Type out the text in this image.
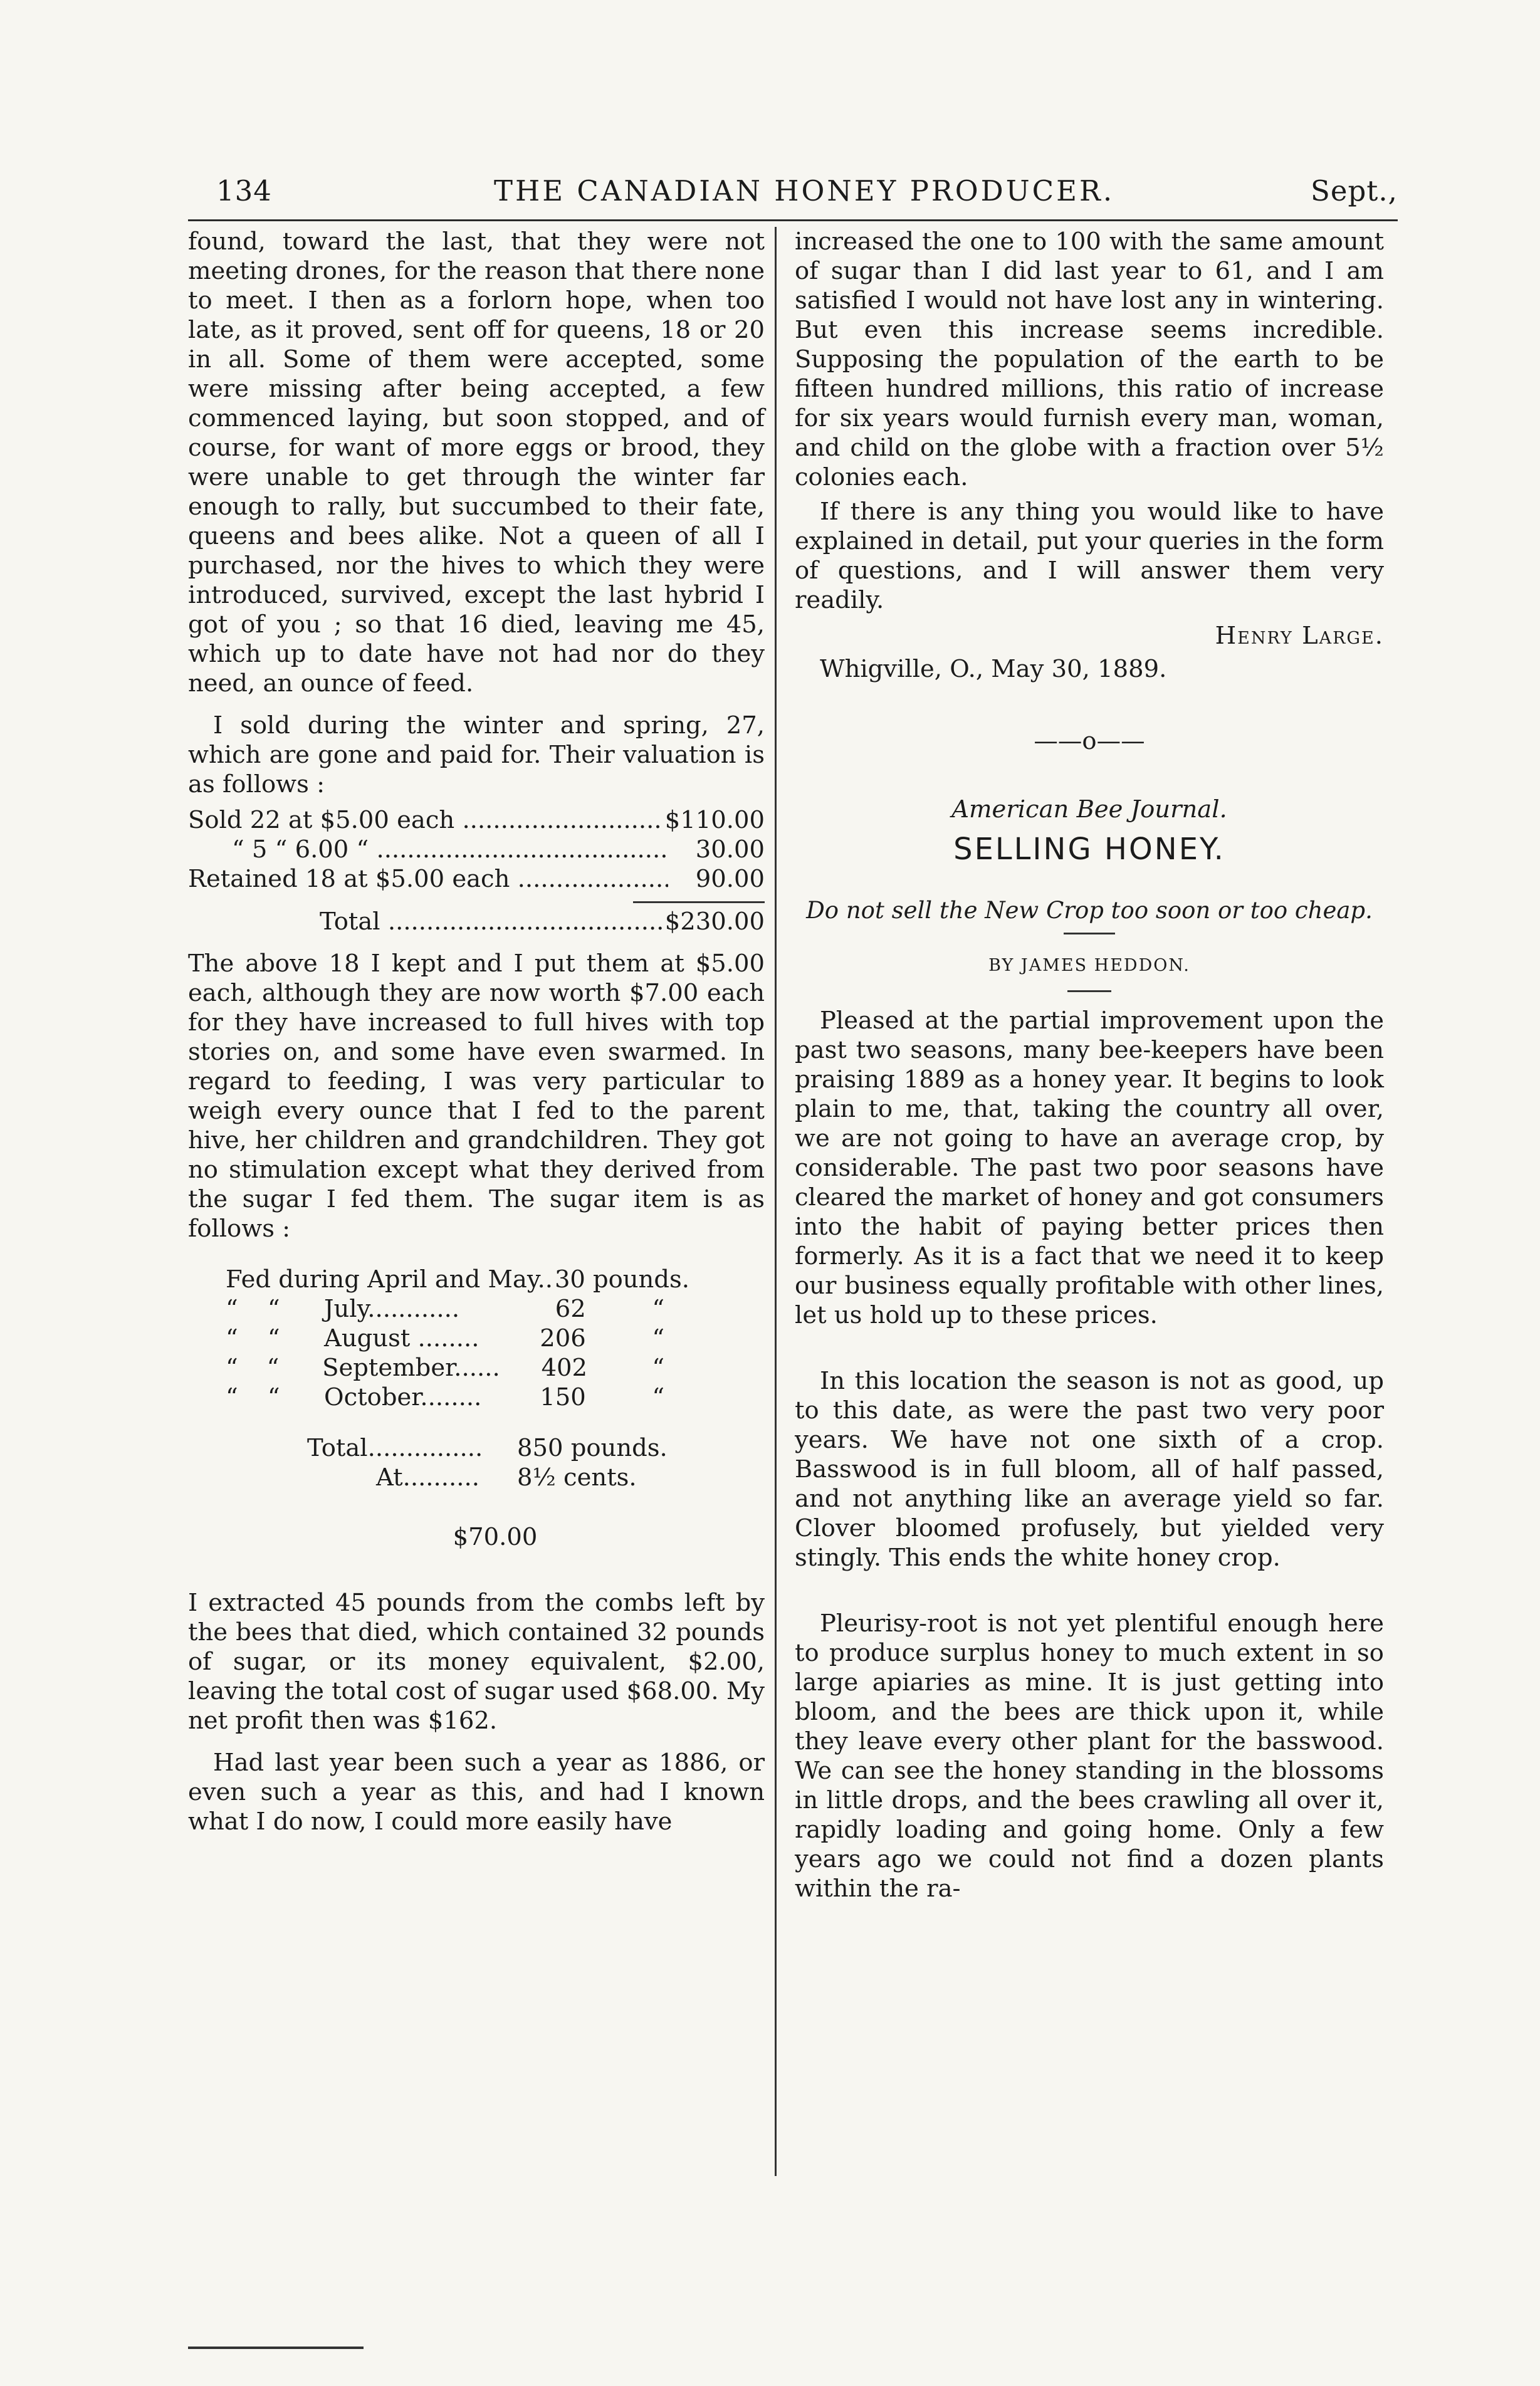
134	THE CANADIAN HONEY PRODUCER.	Sept.,

found, toward the last, that they were not meeting drones, for the reason that there none to meet. I then as a forlorn hope, when too late, as it proved, sent off for queens, 18 or 20 in all. Some of them were accepted, some were missing after being accepted, a few commenced laying, but soon stopped, and of course, for want of more eggs or brood, they were unable to get through the winter far enough to rally, but succumbed to their fate, queens and bees alike. Not a queen of all I purchased, nor the hives to which they were introduced, survived, except the last hybrid I got of you ; so that 16 died, leaving me 45, which up to date have not had nor do they need, an ounce of feed.

I sold during the winter and spring, 27, which are gone and paid for. Their valuation is as follows :

Sold 22 at $5.00 each .....	$110.00
“ 5 “ 6.00 “ .....	30.00
Retained 18 at $5.00 each .....	90.00
Total .....	$230.00

The above 18 I kept and I put them at $5.00 each, although they are now worth $7.00 each for they have increased to full hives with top stories on, and some have even swarmed. In regard to feeding, I was very particular to weigh every ounce that I fed to the parent hive, her children and grandchildren. They got no stimulation except what they derived from the sugar I fed them. The sugar item is as follows :

Fed during April and May.. 30 pounds.
“	“	July............	62	“
“	“	August ........	206	“
“	“	September......	402	“
“	“	October........	150	“
Total...............	850 pounds.
At..........	8½ cents.
$70.00

I extracted 45 pounds from the combs left by the bees that died, which contained 32 pounds of sugar, or its money equivalent, $2.00, leaving the total cost of sugar used $68.00. My net profit then was $162.

Had last year been such a year as 1886, or even such a year as this, and had I known what I do now, I could more easily have

increased the one to 100 with the same amount of sugar than I did last year to 61, and I am satisfied I would not have lost any in wintering. But even this increase seems incredible. Supposing the population of the earth to be fifteen hundred millions, this ratio of increase for six years would furnish every man, woman, and child on the globe with a fraction over 5½ colonies each.

If there is any thing you would like to have explained in detail, put your queries in the form of questions, and I will answer them very readily.

Henry Large.
Whigville, O., May 30, 1889.
——o——
American Bee Journal.
SELLING HONEY.
Do not sell the New Crop too soon or too cheap.
BY JAMES HEDDON.

Pleased at the partial improvement upon the past two seasons, many bee-keepers have been praising 1889 as a honey year. It begins to look plain to me, that, taking the country all over, we are not going to have an average crop, by considerable. The past two poor seasons have cleared the market of honey and got consumers into the habit of paying better prices then formerly. As it is a fact that we need it to keep our business equally profitable with other lines, let us hold up to these prices.

In this location the season is not as good, up to this date, as were the past two very poor years. We have not one sixth of a crop. Basswood is in full bloom, all of half passed, and not anything like an average yield so far. Clover bloomed profusely, but yielded very stingly. This ends the white honey crop.

Pleurisy-root is not yet plentiful enough here to produce surplus honey to much extent in so large apiaries as mine. It is just getting into bloom, and the bees are thick upon it, while they leave every other plant for the basswood. We can see the honey standing in the blossoms in little drops, and the bees crawling all over it, rapidly loading and going home. Only a few years ago we could not find a dozen plants within the ra-
